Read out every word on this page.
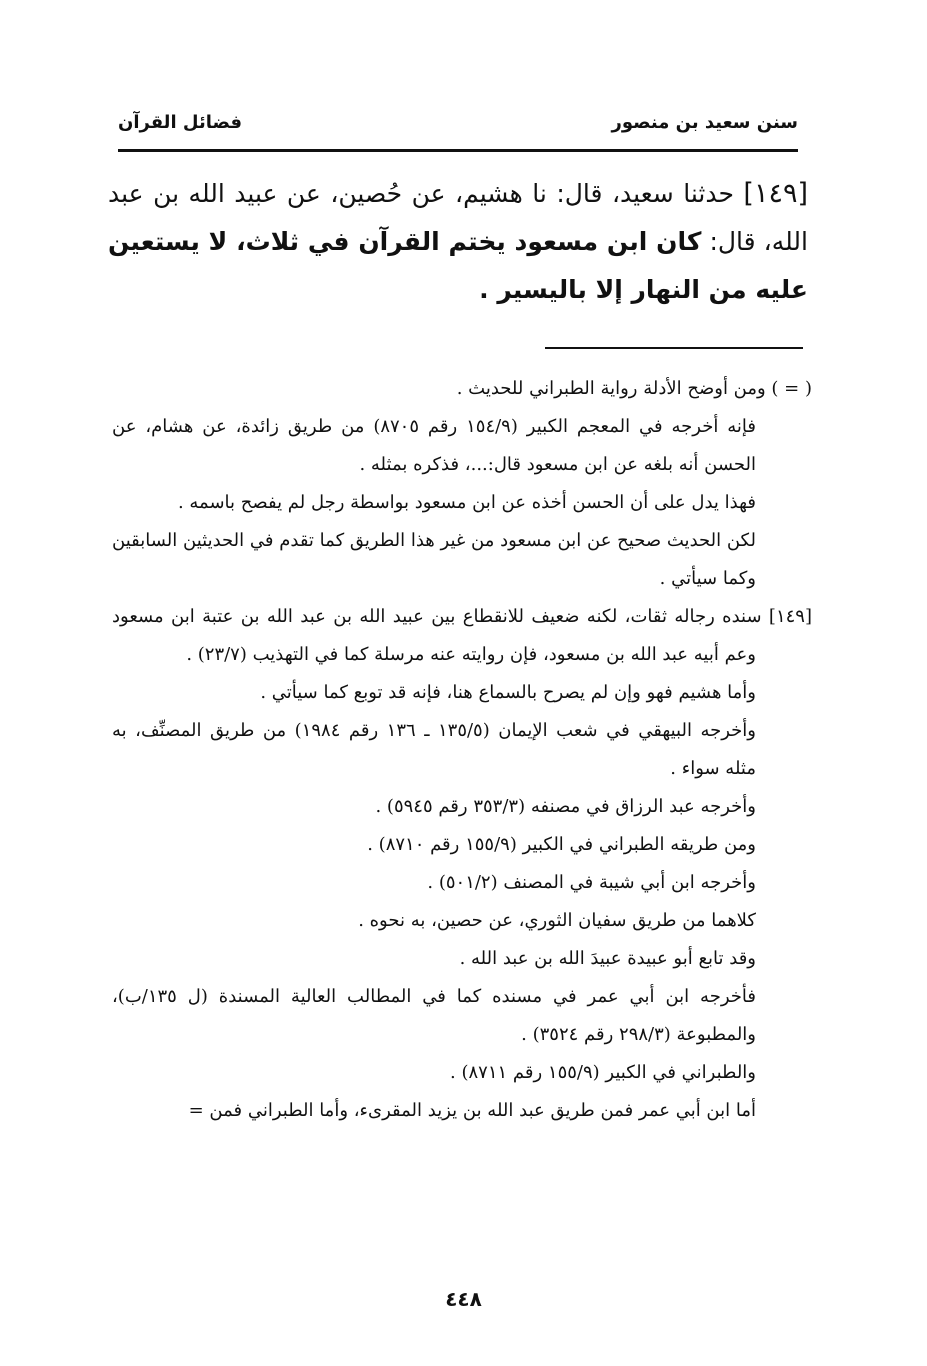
سنن سعيد بن منصور
فضائل القرآن
[١٤٩] حدثنا سعيد، قال: نا هشيم، عن حُصين، عن عبيد الله بن عبد الله، قال: كان ابن مسعود يختم القرآن في ثلاث، لا يستعين عليه من النهار إلا باليسير .

( = ) ومن أوضح الأدلة رواية الطبراني للحديث .

فإنه أخرجه في المعجم الكبير (١٥٤/٩ رقم ٨٧٠٥) من طريق زائدة، عن هشام، عن الحسن أنه بلغه عن ابن مسعود قال:...، فذكره بمثله .

فهذا يدل على أن الحسن أخذه عن ابن مسعود بواسطة رجل لم يفصح باسمه .

لكن الحديث صحيح عن ابن مسعود من غير هذا الطريق كما تقدم في الحديثين السابقين وكما سيأتي .

[١٤٩] سنده رجاله ثقات، لكنه ضعيف للانقطاع بين عبيد الله بن عبد الله بن عتبة ابن مسعود وعم أبيه عبد الله بن مسعود، فإن روايته عنه مرسلة كما في التهذيب (٢٣/٧) .

وأما هشيم فهو وإن لم يصرح بالسماع هنا، فإنه قد توبع كما سيأتي .

وأخرجه البيهقي في شعب الإيمان (١٣٥/٥ ـ ١٣٦ رقم ١٩٨٤) من طريق المصنِّف، به مثله سواء .

وأخرجه عبد الرزاق في مصنفه (٣٥٣/٣ رقم ٥٩٤٥) .

ومن طريقه الطبراني في الكبير (١٥٥/٩ رقم ٨٧١٠) .

وأخرجه ابن أبي شيبة في المصنف (٥٠١/٢) .

كلاهما من طريق سفيان الثوري، عن حصين، به نحوه .

وقد تابع أبو عبيدة عبيدَ الله بن عبد الله .

فأخرجه ابن أبي عمر في مسنده كما في المطالب العالية المسندة (ل ١٣٥/ب)، والمطبوعة (٢٩٨/٣ رقم ٣٥٢٤) .

والطبراني في الكبير (١٥٥/٩ رقم ٨٧١١) .

أما ابن أبي عمر فمن طريق عبد الله بن يزيد المقرىء، وأما الطبراني فمن =

٤٤٨
